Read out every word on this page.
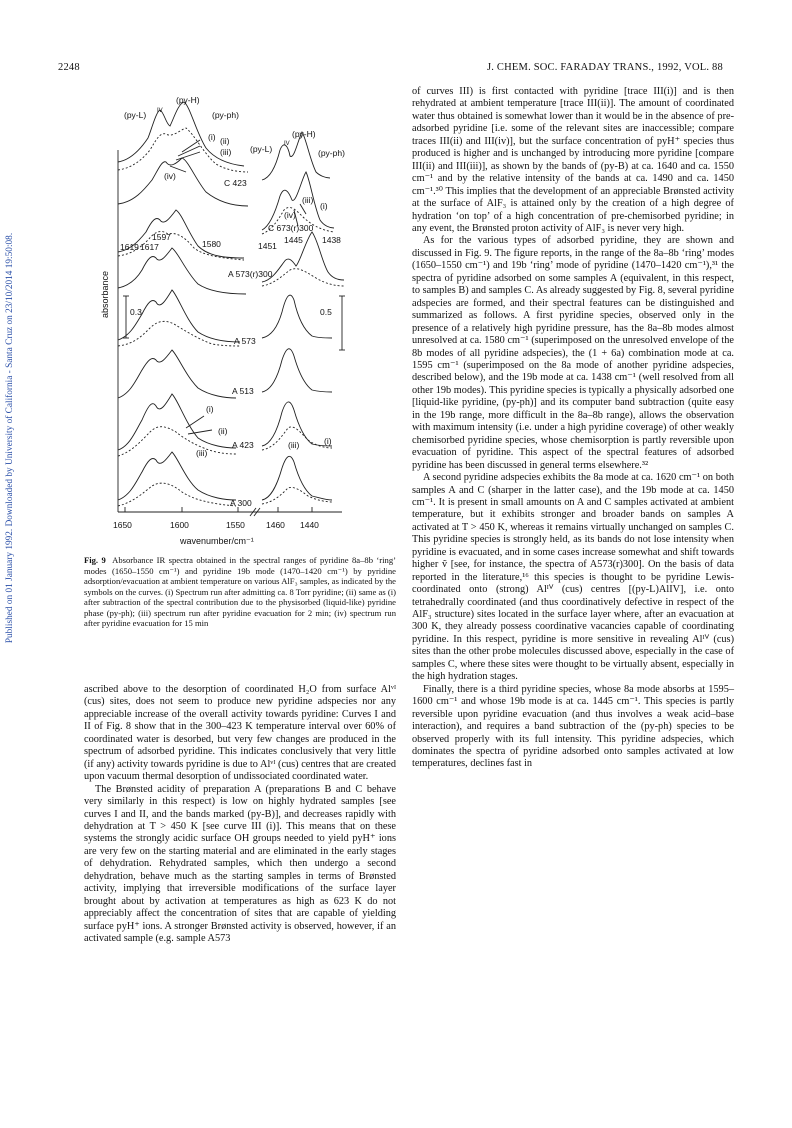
2248	J. CHEM. SOC. FARADAY TRANS., 1992, VOL. 88
Published on 01 January 1992. Downloaded by University of California - Santa Cruz on 23/10/2014 19:50:08.
(py-H)
(py-L) IV	(py-ph)
(py-H)
(py-L) IV
(py-ph)
(i) (ii)
(iii)
(iv)
(iii)
(i)
(iv)
(i)
(ii)
(iii)
(iii)	(i)
C 423
C 673(r)300
A 573(r)300
A 573
A 513
A 423
A 300
1597
1619 1617	1580	1451
1445 1438
0.3	0.5
1650	1600	1550 1460 1440
wavenumber/cm⁻¹
absorbance
Fig. 9 Absorbance IR spectra obtained in the spectral ranges of pyridine 8a–8b ‘ring’ modes (1650–1550 cm⁻¹) and pyridine 19b mode (1470–1420 cm⁻¹) by pyridine adsorption/evacuation at ambient temperature on various AlF₃ samples, as indicated by the symbols on the curves. (i) Spectrum run after admitting ca. 8 Torr pyridine; (ii) same as (i) after subtraction of the spectral contribution due to the physisorbed (liquid-like) pyridine phase (py-ph); (iii) spectrum run after pyridine evacuation for 2 min; (iv) spectrum run after pyridine evacuation for 15 min

ascribed above to the desorption of coordinated H₂O from surface Alᵛᴵ (cus) sites, does not seem to produce new pyridine adspecies nor any appreciable increase of the overall activity towards pyridine: Curves I and II of Fig. 8 show that in the 300–423 K temperature interval over 60% of coordinated water is desorbed, but very few changes are produced in the spectrum of adsorbed pyridine. This indicates conclusively that very little (if any) activity towards pyridine is due to Alᵛᴵ (cus) centres that are created upon vacuum thermal desorption of undissociated coordinated water.

The Brønsted acidity of preparation A (preparations B and C behave very similarly in this respect) is low on highly hydrated samples [see curves I and II, and the bands marked (py-B)], and decreases rapidly with dehydration at T > 450 K [see curve III (i)]. This means that on these systems the strongly acidic surface OH groups needed to yield pyH⁺ ions are very few on the starting material and are eliminated in the early stages of dehydration. Rehydrated samples, which then undergo a second dehydration, behave much as the starting samples in terms of Brønsted activity, implying that irreversible modifications of the surface layer brought about by activation at temperatures as high as 623 K do not appreciably affect the concentration of sites that are capable of yielding surface pyH⁺ ions. A stronger Brønsted activity is observed, however, if an activated sample (e.g. sample A573

of curves III) is first contacted with pyridine [trace III(i)] and is then rehydrated at ambient temperature [trace III(ii)]. The amount of coordinated water thus obtained is somewhat lower than it would be in the absence of pre-adsorbed pyridine [i.e. some of the relevant sites are inaccessible; compare traces III(ii) and III(iv)], but the surface concentration of pyH⁺ species thus produced is higher and is unchanged by introducing more pyridine [compare III(ii) and III(iii)], as shown by the bands of (py-B) at ca. 1640 and ca. 1550 cm⁻¹ and by the relative intensity of the bands at ca. 1490 and ca. 1450 cm⁻¹.³⁰ This implies that the development of an appreciable Brønsted activity at the surface of AlF₃ is attained only by the creation of a high degree of hydration ‘on top’ of a high concentration of pre-chemisorbed pyridine; in any event, the Brønsted proton activity of AlF₃ is never very high.

As for the various types of adsorbed pyridine, they are shown and discussed in Fig. 9. The figure reports, in the range of the 8a–8b ‘ring’ modes (1650–1550 cm⁻¹) and 19b ‘ring’ mode of pyridine (1470–1420 cm⁻¹),³¹ the spectra of pyridine adsorbed on some samples A (equivalent, in this respect, to samples B) and samples C. As already suggested by Fig. 8, several pyridine adspecies are formed, and their spectral features can be distinguished and summarized as follows. A first pyridine species, observed only in the presence of a relatively high pyridine pressure, has the 8a–8b modes almost unresolved at ca. 1580 cm⁻¹ (superimposed on the unresolved envelope of the 8b modes of all pyridine adspecies), the (1 + 6a) combination mode at ca. 1595 cm⁻¹ (superimposed on the 8a mode of another pyridine adspecies, described below), and the 19b mode at ca. 1438 cm⁻¹ (well resolved from all other 19b modes). This pyridine species is typically a physically adsorbed one [liquid-like pyridine, (py-ph)] and its computer band subtraction (quite easy in the 19b range, more difficult in the 8a–8b range), allows the observation with maximum intensity (i.e. under a high pyridine coverage) of other weakly chemisorbed pyridine species, whose chemisorption is partly reversible upon evacuation of pyridine. This aspect of the spectral features of adsorbed pyridine has been discussed in general terms elsewhere.³²

A second pyridine adspecies exhibits the 8a mode at ca. 1620 cm⁻¹ on both samples A and C (sharper in the latter case), and the 19b mode at ca. 1450 cm⁻¹. It is present in small amounts on A and C samples activated at ambient temperature, but it exhibits stronger and broader bands on samples A activated at T > 450 K, whereas it remains virtually unchanged on samples C. This pyridine species is strongly held, as its bands do not lose intensity when pyridine is evacuated, and in some cases increase somewhat and shift towards higher ṽ [see, for instance, the spectra of A573(r)300]. On the basis of data reported in the literature,¹⁶ this species is thought to be pyridine Lewis-coordinated onto (strong) Alᴵⱽ (cus) centres [(py-L)AlIV], i.e. onto tetrahedrally coordinated (and thus coordinatively defective in respect of the AlF₃ structure) sites located in the surface layer where, after an evacuation at 300 K, they already possess coordinative vacancies capable of coordinating pyridine. In this respect, pyridine is more sensitive in revealing Alᴵⱽ (cus) sites than the other probe molecules discussed above, especially in the case of samples C, where these sites were thought to be virtually absent, especially in the high hydration stages.

Finally, there is a third pyridine species, whose 8a mode absorbs at 1595–1600 cm⁻¹ and whose 19b mode is at ca. 1445 cm⁻¹. This species is partly reversible upon pyridine evacuation (and thus involves a weak acid–base interaction), and requires a band subtraction of the (py-ph) species to be observed properly with its full intensity. This pyridine adspecies, which dominates the spectra of pyridine adsorbed onto samples activated at low temperatures, declines fast in
